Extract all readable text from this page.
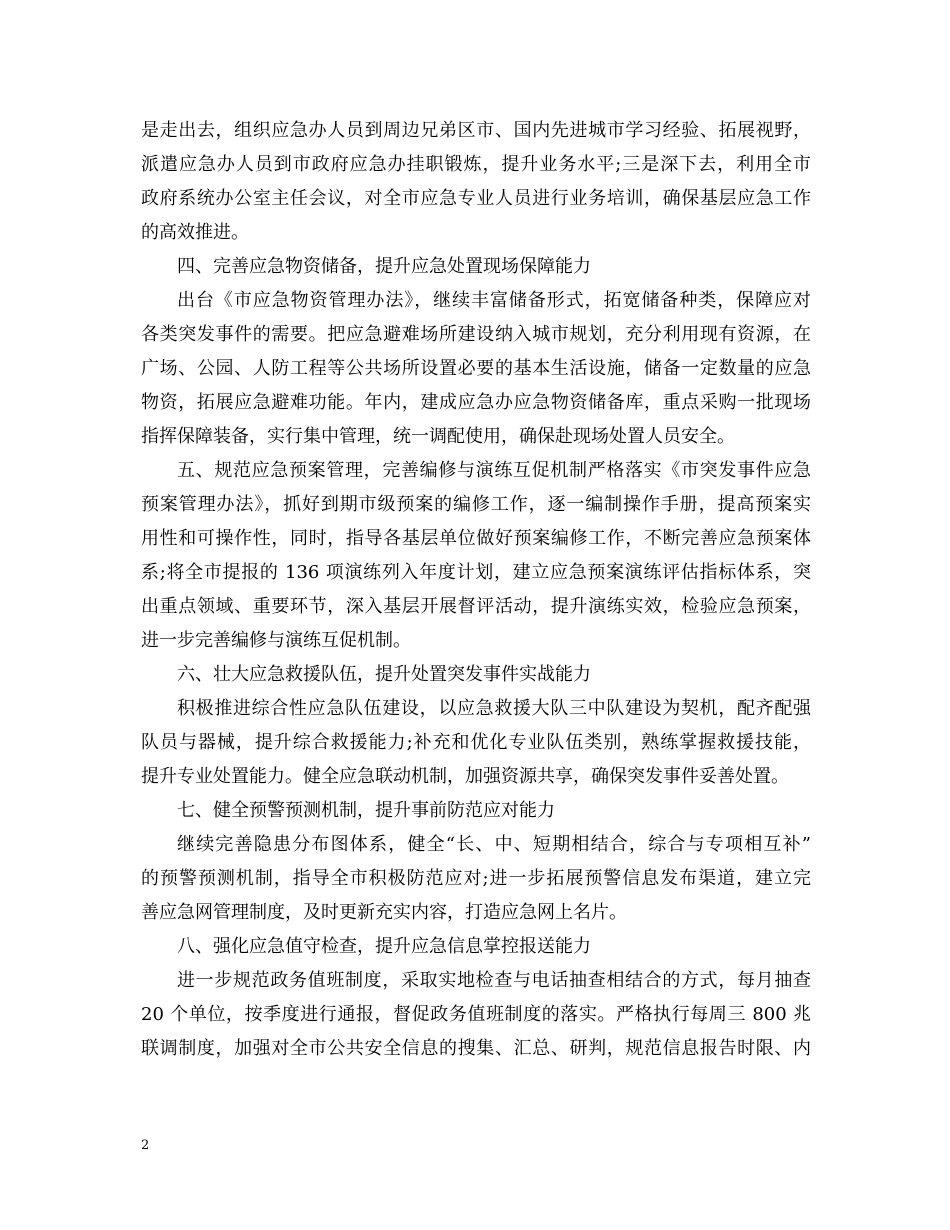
是走出去，组织应急办人员到周边兄弟区市、国内先进城市学习经验、拓展视野，
派遣应急办人员到市政府应急办挂职锻炼，提升业务水平;三是深下去，利用全市
政府系统办公室主任会议，对全市应急专业人员进行业务培训，确保基层应急工作
的高效推进。
四、完善应急物资储备，提升应急处置现场保障能力
出台《市应急物资管理办法》，继续丰富储备形式，拓宽储备种类，保障应对
各类突发事件的需要。把应急避难场所建设纳入城市规划，充分利用现有资源，在
广场、公园、人防工程等公共场所设置必要的基本生活设施，储备一定数量的应急
物资，拓展应急避难功能。年内，建成应急办应急物资储备库，重点采购一批现场
指挥保障装备，实行集中管理，统一调配使用，确保赴现场处置人员安全。
五、规范应急预案管理，完善编修与演练互促机制严格落实《市突发事件应急
预案管理办法》，抓好到期市级预案的编修工作，逐一编制操作手册，提高预案实
用性和可操作性，同时，指导各基层单位做好预案编修工作，不断完善应急预案体
系;将全市提报的 136 项演练列入年度计划，建立应急预案演练评估指标体系，突
出重点领域、重要环节，深入基层开展督评活动，提升演练实效，检验应急预案，
进一步完善编修与演练互促机制。
六、壮大应急救援队伍，提升处置突发事件实战能力
积极推进综合性应急队伍建设，以应急救援大队三中队建设为契机，配齐配强
队员与器械，提升综合救援能力;补充和优化专业队伍类别，熟练掌握救援技能，
提升专业处置能力。健全应急联动机制，加强资源共享，确保突发事件妥善处置。
七、健全预警预测机制，提升事前防范应对能力
继续完善隐患分布图体系，健全“长、中、短期相结合，综合与专项相互补”
的预警预测机制，指导全市积极防范应对;进一步拓展预警信息发布渠道，建立完
善应急网管理制度，及时更新充实内容，打造应急网上名片。
八、强化应急值守检查，提升应急信息掌控报送能力
进一步规范政务值班制度，采取实地检查与电话抽查相结合的方式，每月抽查
20 个单位，按季度进行通报，督促政务值班制度的落实。严格执行每周三 800 兆
联调制度，加强对全市公共安全信息的搜集、汇总、研判，规范信息报告时限、内
2
